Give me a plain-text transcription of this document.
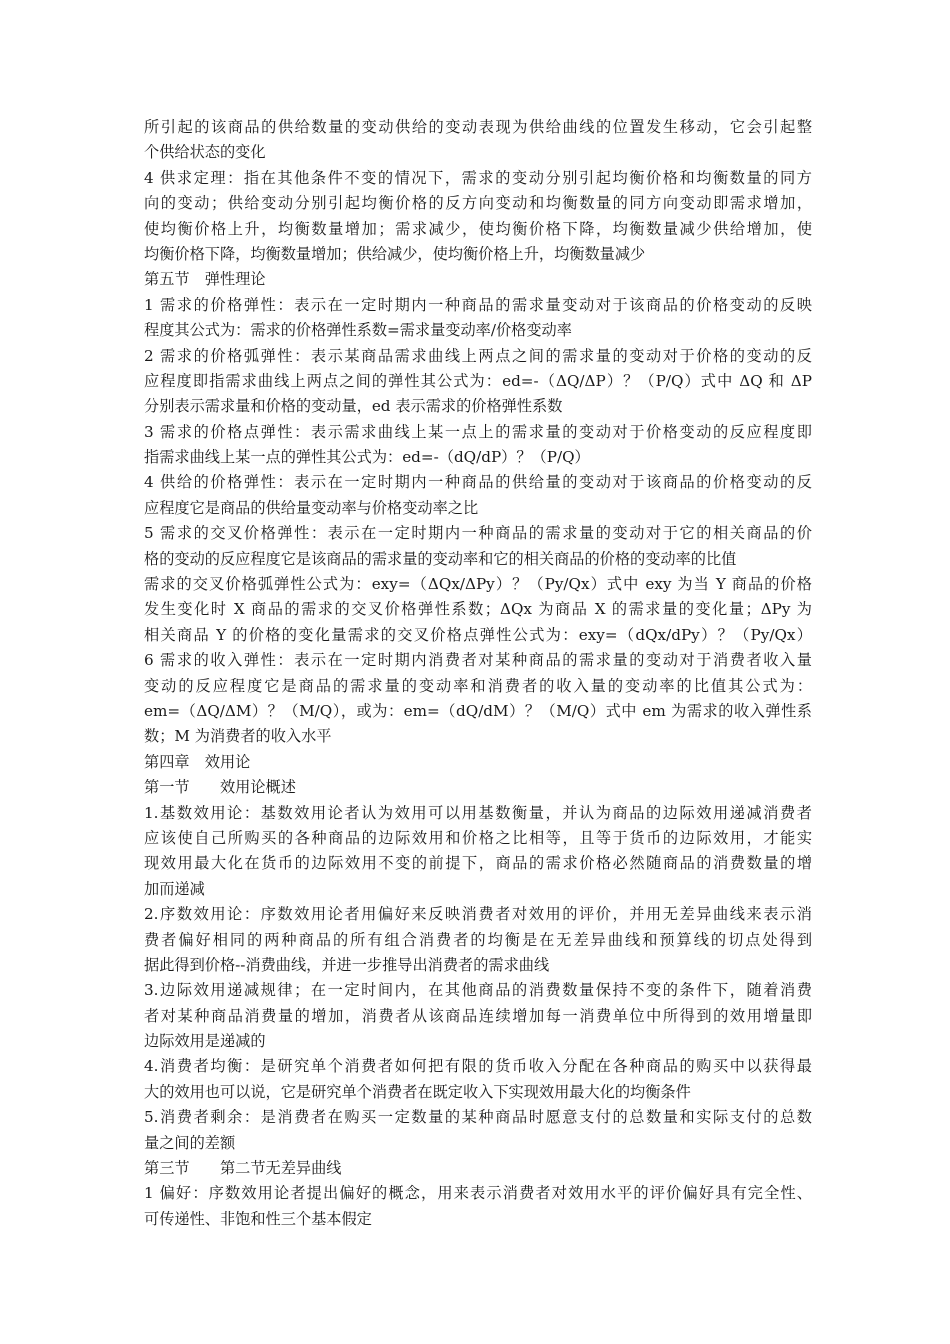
所引起的该商品的供给数量的变动供给的变动表现为供给曲线的位置发生移动，它会引起整
个供给状态的变化
4 供求定理：指在其他条件不变的情况下，需求的变动分别引起均衡价格和均衡数量的同方
向的变动；供给变动分别引起均衡价格的反方向变动和均衡数量的同方向变动即需求增加，
使均衡价格上升，均衡数量增加；需求减少，使均衡价格下降，均衡数量减少供给增加，使
均衡价格下降，均衡数量增加；供给减少，使均衡价格上升，均衡数量减少
第五节　弹性理论
1 需求的价格弹性：表示在一定时期内一种商品的需求量变动对于该商品的价格变动的反映
程度其公式为：需求的价格弹性系数=需求量变动率/价格变动率
2 需求的价格弧弹性：表示某商品需求曲线上两点之间的需求量的变动对于价格的变动的反
应程度即指需求曲线上两点之间的弹性其公式为：ed=-（ΔQ/ΔP）？（P/Q）式中 ΔQ 和 ΔP
分别表示需求量和价格的变动量，ed 表示需求的价格弹性系数
3 需求的价格点弹性：表示需求曲线上某一点上的需求量的变动对于价格变动的反应程度即
指需求曲线上某一点的弹性其公式为：ed=-（dQ/dP）？（P/Q）
4 供给的价格弹性：表示在一定时期内一种商品的供给量的变动对于该商品的价格变动的反
应程度它是商品的供给量变动率与价格变动率之比
5 需求的交叉价格弹性：表示在一定时期内一种商品的需求量的变动对于它的相关商品的价
格的变动的反应程度它是该商品的需求量的变动率和它的相关商品的价格的变动率的比值
需求的交叉价格弧弹性公式为：exy=（ΔQx/ΔPy）？（Py/Qx）式中 exy 为当 Y 商品的价格
发生变化时 X 商品的需求的交叉价格弹性系数；ΔQx 为商品 X 的需求量的变化量；ΔPy 为
相关商品 Y 的价格的变化量需求的交叉价格点弹性公式为：exy=（dQx/dPy）？（Py/Qx）
6 需求的收入弹性：表示在一定时期内消费者对某种商品的需求量的变动对于消费者收入量
变动的反应程度它是商品的需求量的变动率和消费者的收入量的变动率的比值其公式为：
em=（ΔQ/ΔM）？（M/Q），或为：em=（dQ/dM）？（M/Q）式中 em 为需求的收入弹性系
数；M 为消费者的收入水平
第四章　效用论
第一节　　效用论概述
1.基数效用论：基数效用论者认为效用可以用基数衡量，并认为商品的边际效用递减消费者
应该使自己所购买的各种商品的边际效用和价格之比相等，且等于货币的边际效用，才能实
现效用最大化在货币的边际效用不变的前提下，商品的需求价格必然随商品的消费数量的增
加而递减
2.序数效用论：序数效用论者用偏好来反映消费者对效用的评价，并用无差异曲线来表示消
费者偏好相同的两种商品的所有组合消费者的均衡是在无差异曲线和预算线的切点处得到
据此得到价格--消费曲线，并进一步推导出消费者的需求曲线
3.边际效用递减规律；在一定时间内，在其他商品的消费数量保持不变的条件下，随着消费
者对某种商品消费量的增加，消费者从该商品连续增加每一消费单位中所得到的效用增量即
边际效用是递减的
4.消费者均衡：是研究单个消费者如何把有限的货币收入分配在各种商品的购买中以获得最
大的效用也可以说，它是研究单个消费者在既定收入下实现效用最大化的均衡条件
5.消费者剩余：是消费者在购买一定数量的某种商品时愿意支付的总数量和实际支付的总数
量之间的差额
第三节　　第二节无差异曲线
1 偏好：序数效用论者提出偏好的概念，用来表示消费者对效用水平的评价偏好具有完全性、
可传递性、非饱和性三个基本假定
